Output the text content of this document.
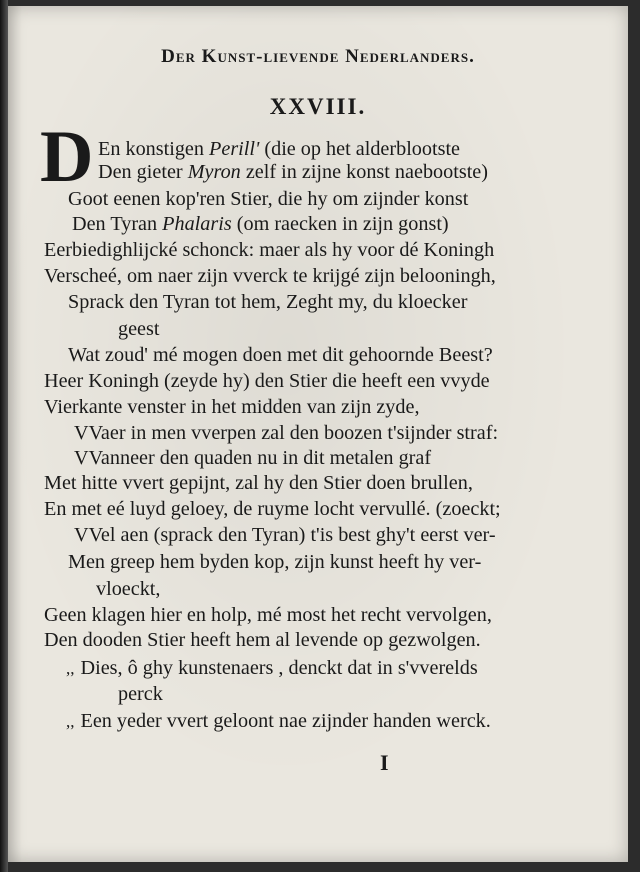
Der Kunst-lievende Nederlanders.
XXVIII.
D En konstigen Perill' (die op het alderblootste
Den gieter Myron zelf in zijne konst naebootste)
Goot eenen kop'ren Stier, die hy om zijnder konst
Den Tyran Phalaris (om raecken in zijn gonst)
Eerbiedighlijcké schonck: maer als hy voor dé Koningh
Verscheé, om naer zijn vverck te krijgé zijn belooningh,
Sprack den Tyran tot hem, Zeght my, du kloecker
geest
Wat zoud' mé mogen doen met dit gehoornde Beest?
Heer Koningh (zeyde hy) den Stier die heeft een vvyde
Vierkante venster in het midden van zijn zyde,
VVaer in men vverpen zal den boozen t'sijnder straf:
VVanneer den quaden nu in dit metalen graf
Met hitte vvert gepijnt, zal hy den Stier doen brullen,
En met eé luyd geloey, de ruyme locht vervullé. (zoeckt;
VVel aen (sprack den Tyran) t'is best ghy't eerst ver-
Men greep hem byden kop, zijn kunst heeft hy ver-
vloeckt,
Geen klagen hier en holp, mé most het recht vervolgen,
Den dooden Stier heeft hem al levende op gezwolgen.
,, Dies, ô ghy kunstenaers , denckt dat in s'vverelds
perck
,, Een yeder vvert geloont nae zijnder handen werck.
I
